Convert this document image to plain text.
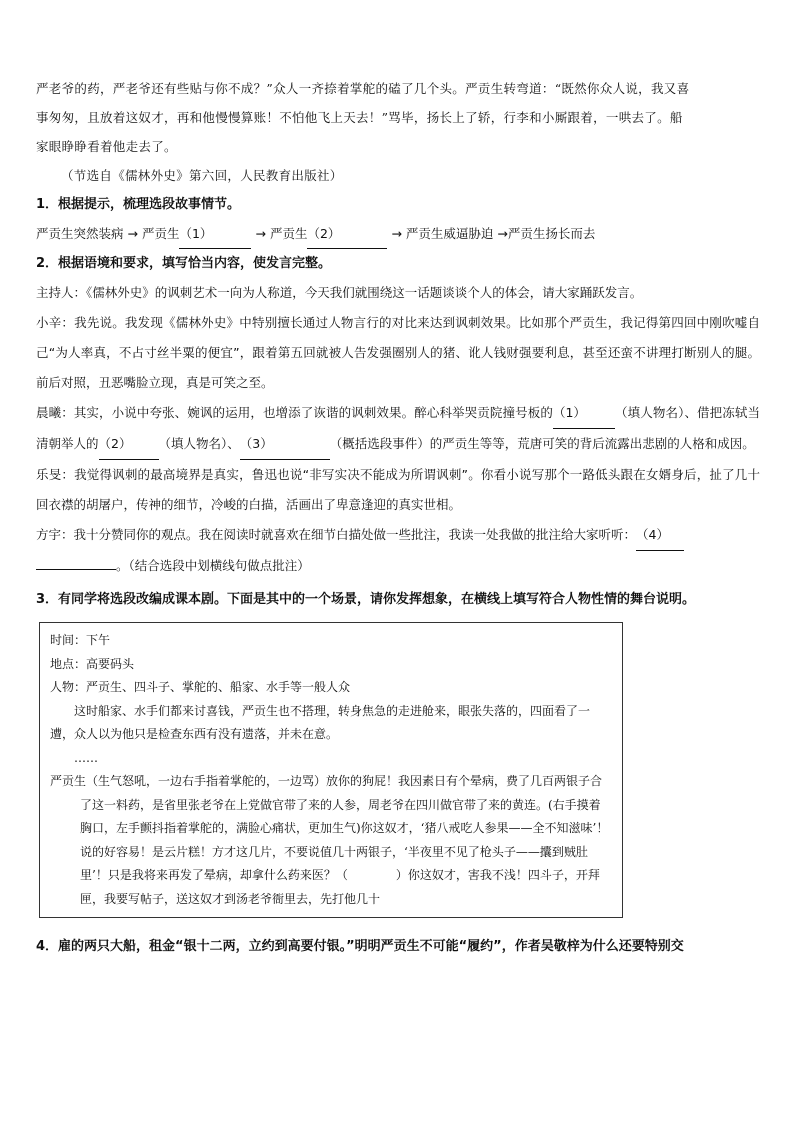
严老爷的药，严老爷还有些贴与你不成？”众人一齐捺着掌舵的磕了几个头。严贡生转弯道：“既然你众人说，我又喜

事匆匆，且放着这奴才，再和他慢慢算账！不怕他飞上天去！”骂毕，扬长上了轿，行李和小厮跟着，一哄去了。船

家眼睁睁看着他走去了。

（节选自《儒林外史》第六回，人民教育出版社）

1．根据提示，梳理选段故事情节。

严贡生突然装病 → 严贡生（1）	→ 严贡生（2）	→ 严贡生威逼胁迫 →严贡生扬长而去

2．根据语境和要求，填写恰当内容，使发言完整。

主持人：《儒林外史》的讽刺艺术一向为人称道，今天我们就围绕这一话题谈谈个人的体会，请大家踊跃发言。

小辛：我先说。我发现《儒林外史》中特别擅长通过人物言行的对比来达到讽刺效果。比如那个严贡生，我记得第四回中刚吹嘘自己“为人率真，不占寸丝半粟的便宜”，跟着第五回就被人告发强圈别人的猪、讹人钱财强要利息，甚至还蛮不讲理打断别人的腿。前后对照，丑恶嘴脸立现，真是可笑之至。

晨曦：其实，小说中夸张、婉讽的运用，也增添了诙谐的讽刺效果。醉心科举哭贡院撞号板的（1） （填人物名）、借把冻轼当清朝举人的（2） （填人物名）、（3）	（概括选段事件）的严贡生等等，荒唐可笑的背后流露出悲剧的人格和成因。

乐旻：我觉得讽刺的最高境界是真实，鲁迅也说“非写实决不能成为所谓讽刺”。你看小说写那个一路低头跟在女婿身后，扯了几十回衣襟的胡屠户，传神的细节，冷峻的白描，活画出了卑意逢迎的真实世相。

方宇：我十分赞同你的观点。我在阅读时就喜欢在细节白描处做一些批注，我读一处我做的批注给大家听听：（4）
。（结合选段中划横线句做点批注）

3．有同学将选段改编成课本剧。下面是其中的一个场景，请你发挥想象，在横线上填写符合人物性情的舞台说明。

时间：下午

地点：高要码头

人物：严贡生、四斗子、掌舵的、船家、水手等一般人众

这时船家、水手们都来讨喜钱，严贡生也不搭理，转身焦急的走进舱来，眼张失落的，四面看了一遭，众人以为他只是检查东西有没有遗落，并未在意。

……

严贡生（生气怒吼，一边右手指着掌舵的，一边骂）放你的狗屁！我因素日有个晕病，费了几百两银子合了这一料药，是省里张老爷在上党做官带了来的人参，周老爷在四川做官带了来的黄连。(右手摸着胸口，左手颤抖指着掌舵的，满脸心痛状，更加生气)你这奴才，‘猪八戒吃人参果——全不知滋味’！说的好容易！是云片糕！方才这几片，不要说值几十两银子，‘半夜里不见了枪头子——攮到贼肚里’！只是我将来再发了晕病，却拿什么药来医？（　　　　）你这奴才，害我不浅！四斗子，开拜匣，我要写帖子，送这奴才到汤老爷衙里去，先打他几十

4．雇的两只大船，租金“银十二两，立约到高要付银。”明明严贡生不可能“履约”，作者吴敬梓为什么还要特别交
